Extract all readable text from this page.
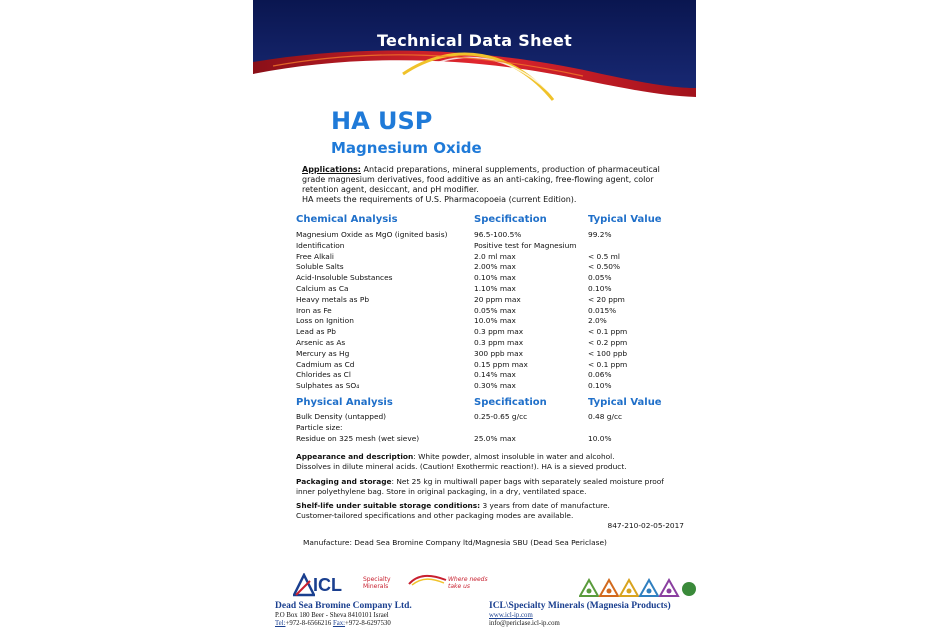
Technical Data Sheet
HA USP
Magnesium Oxide
Applications: Antacid preparations, mineral supplements, production of pharmaceutical grade magnesium derivatives, food additive as an anti-caking, free-flowing agent, color retention agent, desiccant, and pH modifier.
HA meets the requirements of U.S. Pharmacopoeia (current Edition).
Chemical Analysis	Specification	Typical Value
Magnesium Oxide as MgO (ignited basis)	96.5-100.5%	99.2%
Identification	Positive test for Magnesium
Free Alkali	2.0 ml max	< 0.5 ml
Soluble Salts	2.00% max	< 0.50%
Acid-Insoluble Substances	0.10% max	0.05%
Calcium as Ca	1.10% max	0.10%
Heavy metals as Pb	20 ppm max	< 20 ppm
Iron as Fe	0.05% max	0.015%
Loss on Ignition	10.0% max	2.0%
Lead as Pb	0.3 ppm max	< 0.1 ppm
Arsenic as As	0.3 ppm max	< 0.2 ppm
Mercury as Hg	300 ppb max	< 100 ppb
Cadmium as Cd	0.15 ppm max	< 0.1 ppm
Chlorides as Cl	0.14% max	0.06%
Sulphates as SO₄	0.30% max	0.10%
Physical Analysis	Specification	Typical Value
Bulk Density (untapped)	0.25-0.65 g/cc	0.48 g/cc
Particle size:
Residue on 325 mesh (wet sieve)	25.0% max	10.0%
Appearance and description: White powder, almost insoluble in water and alcohol.
Dissolves in dilute mineral acids. (Caution! Exothermic reaction!). HA is a sieved product.
Packaging and storage: Net 25 kg in multiwall paper bags with separately sealed moisture proof
inner polyethylene bag. Store in original packaging, in a dry, ventilated space.
Shelf-life under suitable storage conditions: 3 years from date of manufacture.
Customer-tailored specifications and other packaging modes are available.
847-210-02-05-2017
Manufacture: Dead Sea Bromine Company ltd/Magnesia SBU (Dead Sea Periclase)
ICL	Specialty
Minerals
Where needs take us
Dead Sea Bromine Company Ltd.
P.O Box 180 Beer - Sheva 8410101 Israel
Tel:+972-8-6566216 Fax:+972-8-6297530
ICL\Specialty Minerals (Magnesia Products)
www.icl-ip.com
info@periclase.icl-ip.com
